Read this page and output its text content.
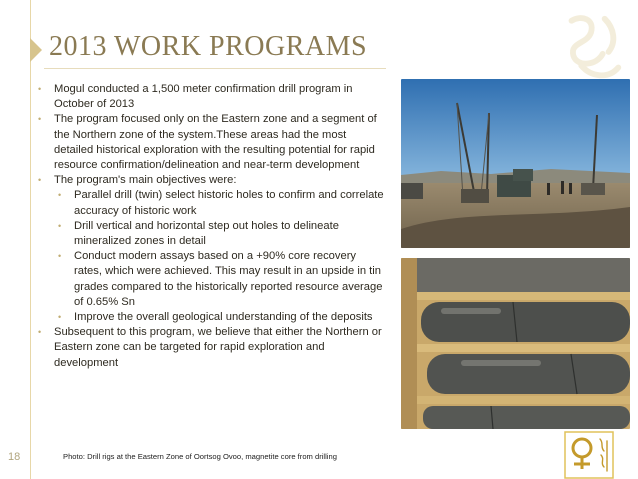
2013 WORK PROGRAMS
• Mogul conducted a 1,500 meter confirmation drill program in October of 2013
• The program focused only on the Eastern zone and a segment of the Northern zone of the system.These areas had the most detailed historical exploration with the resulting potential for rapid resource confirmation/delineation and near-term development
• The program's main objectives were:
• Parallel drill (twin) select historic holes to confirm and correlate accuracy of historic work
• Drill vertical and horizontal step out holes to delineate mineralized zones in detail
• Conduct modern assays based on a +90% core recovery rates, which were achieved. This may result in an upside in tin grades compared to the historically reported resource average of 0.65% Sn
• Improve the overall geological understanding of the deposits
• Subsequent to this program, we believe that either the Northern or Eastern zone can be targeted for rapid exploration and development
18	Photo: Drill rigs at the Eastern Zone of Oortsog Ovoo, magnetite core from drilling
